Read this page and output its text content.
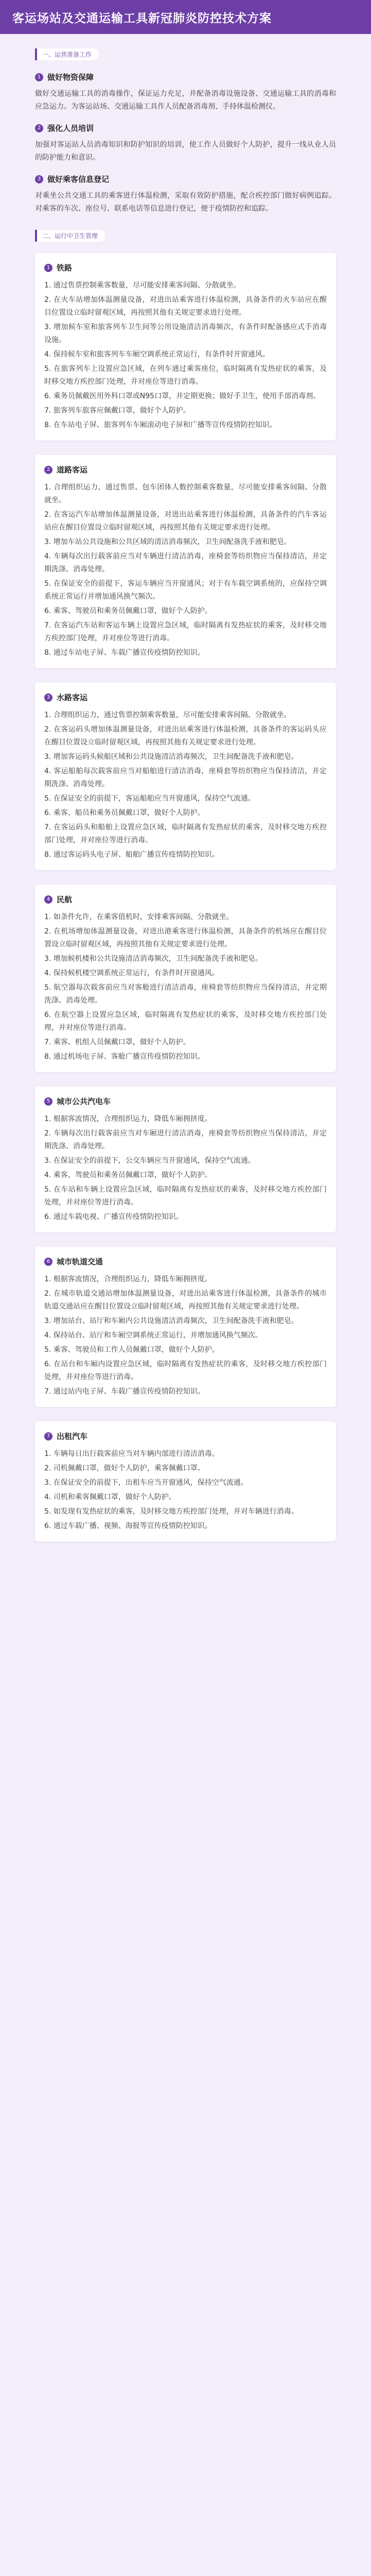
客运场站及交通运输工具新冠肺炎防控技术方案
一、运营准备工作
1 做好物资保障

做好交通运输工具的消毒操作，保证运力充足，并配备消毒设施设备、交通运输工具的消毒和应急运力。为客运站场、交通运输工具作人员配备消毒剂、手持体温检测仪。

2 强化人员培训

加强对客运站人员消毒知识和防护知识的培训，使工作人员做好个人防护，提升一线从业人员的防护能力和意识。

3 做好乘客信息登记

对乘坐公共交通工具的乘客进行体温检测，采取有效防护措施，配合疾控部门做好病例追踪。对乘客的车次、座位号、联系电话等信息进行登记，便于疫情防控和追踪。

二、运行中卫生管理
1 铁路

1. 通过售票控制乘客数量，尽可能安排乘客间隔、分散就坐。

2. 在火车站增加体温测量设备，对进出站乘客进行体温检测，具备条件的火车站应在醒目位置设立临时留观区域，再按照其他有关规定要求进行处理。

3. 增加候车室和旅客列车卫生间等公用设施清洁消毒频次，有条件时配备感应式手消毒设施。

4. 保持候车室和旅客列车车厢空调系统正常运行，有条件时开窗通风。

5. 在旅客列车上设置应急区域，在列车通过乘客座位，临时隔离有发热症状的乘客，及时移交地方疾控部门处理，并对座位等进行消毒。

6. 乘务员佩戴医用外科口罩或N95口罩，并定期更换；做好手卫生，使用手部消毒剂。

7. 旅客列车旅客应佩戴口罩，做好个人防护。

8. 在车站电子屏、旅客列车车厢滚动电子屏和广播等宣传疫情防控知识。

2 道路客运

1. 合理组织运力，通过售票、包车团体人数控制乘客数量，尽可能安排乘客间隔、分散就坐。

2. 在客运汽车站增加体温测量设备，对进出站乘客进行体温检测，具备条件的汽车客运站应在醒目位置设立临时留观区域，再按照其他有关规定要求进行处理。

3. 增加车站公共设施和公共区域的清洁消毒频次，卫生间配备洗手液和肥皂。

4. 车辆每次出行载客前应当对车辆进行清洁消毒，座椅套等纺织物应当保持清洁，并定期洗涤、消毒处理。

5. 在保证安全的前提下，客运车辆应当开窗通风；对于有车载空调系统的，应保持空调系统正常运行并增加通风换气频次。

6. 乘客、驾驶员和乘务员佩戴口罩，做好个人防护。

7. 在客运汽车站和客运车辆上设置应急区域，临时隔离有发热症状的乘客，及时移交地方疾控部门处理，并对座位等进行消毒。

8. 通过车站电子屏、车载广播宣传疫情防控知识。

3 水路客运

1. 合理组织运力，通过售票控制乘客数量，尽可能安排乘客间隔、分散就坐。

2. 在客运码头增加体温测量设备，对进出站乘客进行体温检测，具备条件的客运码头应在醒目位置设立临时留观区域，再按照其他有关规定要求进行处理。

3. 增加客运码头候船区域和公共设施清洁消毒频次，卫生间配备洗手液和肥皂。

4. 客运船舶每次载客前应当对船舶进行清洁消毒，座椅套等纺织物应当保持清洁，并定期洗涤、消毒处理。

5. 在保证安全的前提下，客运船舶应当开窗通风，保持空气流通。

6. 乘客、船员和乘务员佩戴口罩，做好个人防护。

7. 在客运码头和船舶上设置应急区域，临时隔离有发热症状的乘客，及时移交地方疾控部门处理，并对座位等进行消毒。

8. 通过客运码头电子屏、船舶广播宣传疫情防控知识。

4 民航

1. 如条件允许，在乘客值机时，安排乘客间隔、分散就坐。

2. 在机场增加体温测量设备，对进出港乘客进行体温检测，具备条件的机场应在醒目位置设立临时留观区域，再按照其他有关规定要求进行处理。

3. 增加候机楼和公共设施清洁消毒频次，卫生间配备洗手液和肥皂。

4. 保持候机楼空调系统正常运行，有条件时开窗通风。

5. 航空器每次载客前应当对客舱进行清洁消毒，座椅套等纺织物应当保持清洁，并定期洗涤、消毒处理。

6. 在航空器上设置应急区域，临时隔离有发热症状的乘客，及时移交地方疾控部门处理，并对座位等进行消毒。

7. 乘客、机组人员佩戴口罩，做好个人防护。

8. 通过机场电子屏、客舱广播宣传疫情防控知识。

5 城市公共汽电车

1. 根据客流情况，合理组织运力，降低车厢拥挤度。

2. 车辆每次出行载客前应当对车厢进行清洁消毒，座椅套等纺织物应当保持清洁，并定期洗涤、消毒处理。

3. 在保证安全的前提下，公交车辆应当开窗通风，保持空气流通。

4. 乘客、驾驶员和乘务员佩戴口罩，做好个人防护。

5. 在车站和车辆上设置应急区域，临时隔离有发热症状的乘客，及时移交地方疾控部门处理，并对座位等进行消毒。

6. 通过车载电视、广播宣传疫情防控知识。

6 城市轨道交通

1. 根据客流情况，合理组织运力，降低车厢拥挤度。

2. 在城市轨道交通站增加体温测量设备，对进出站乘客进行体温检测，具备条件的城市轨道交通站应在醒目位置设立临时留观区域，再按照其他有关规定要求进行处理。

3. 增加站台、站厅和车厢内公共设施清洁消毒频次，卫生间配备洗手液和肥皂。

4. 保持站台、站厅和车厢空调系统正常运行，并增加通风换气频次。

5. 乘客、驾驶员和工作人员佩戴口罩，做好个人防护。

6. 在站台和车厢内设置应急区域，临时隔离有发热症状的乘客，及时移交地方疾控部门处理，并对座位等进行消毒。

7. 通过站内电子屏、车载广播宣传疫情防控知识。

7 出租汽车

1. 车辆每日出行载客前应当对车辆内部进行清洁消毒。

2. 司机佩戴口罩，做好个人防护，乘客佩戴口罩。

3. 在保证安全的前提下，出租车应当开窗通风，保持空气流通。

4. 司机和乘客佩戴口罩，做好个人防护。

5. 如发现有发热症状的乘客，及时移交地方疾控部门处理，并对车辆进行消毒。

6. 通过车载广播、视频、海报等宣传疫情防控知识。
